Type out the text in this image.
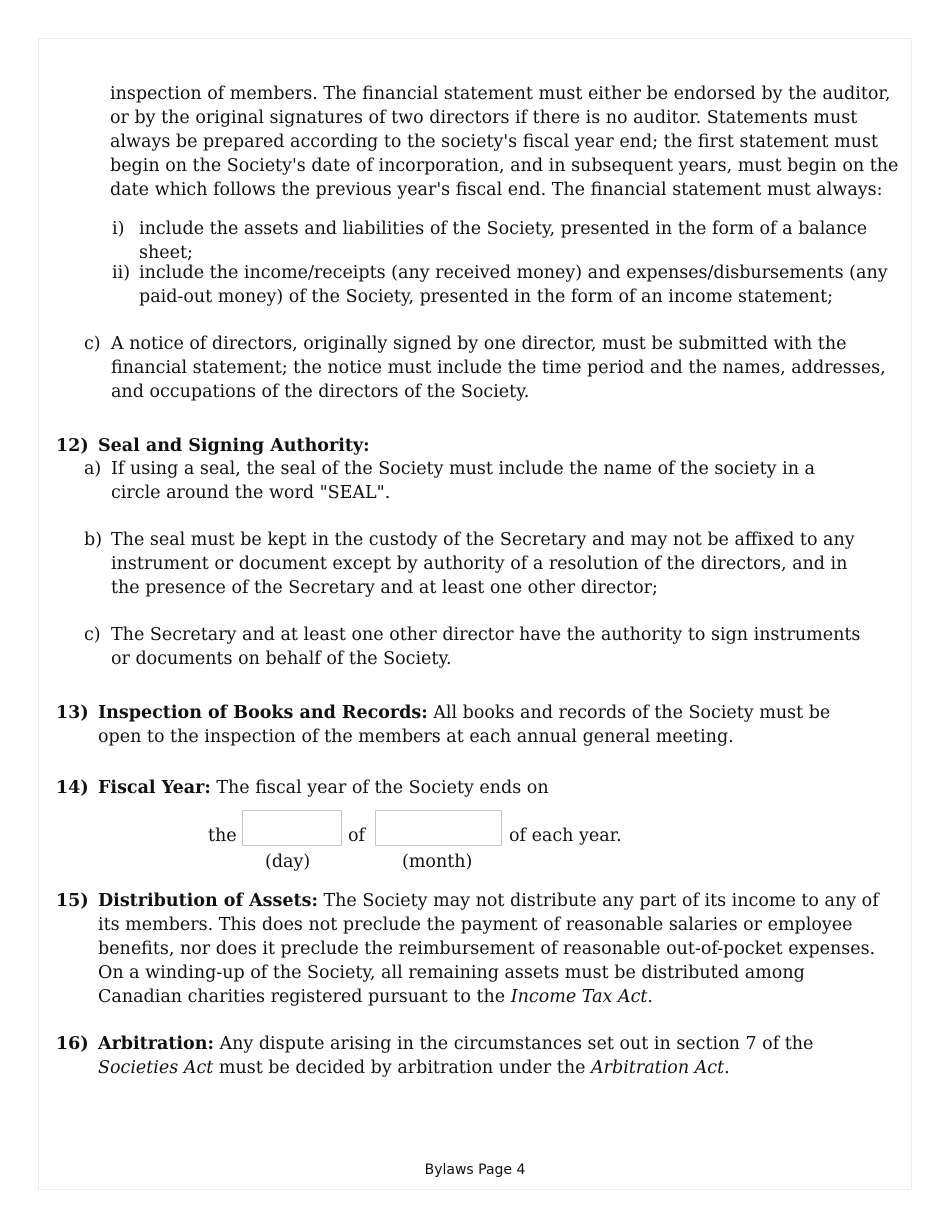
inspection of members. The financial statement must either be endorsed by the auditor, or by the original signatures of two directors if there is no auditor. Statements must always be prepared according to the society's fiscal year end; the first statement must begin on the Society's date of incorporation, and in subsequent years, must begin on the date which follows the previous year's fiscal end. The financial statement must always:
i) include the assets and liabilities of the Society, presented in the form of a balance sheet;
ii) include the income/receipts (any received money) and expenses/disbursements (any paid-out money) of the Society, presented in the form of an income statement;
c) A notice of directors, originally signed by one director, must be submitted with the financial statement; the notice must include the time period and the names, addresses, and occupations of the directors of the Society.
12) Seal and Signing Authority:
a) If using a seal, the seal of the Society must include the name of the society in a circle around the word "SEAL".
b) The seal must be kept in the custody of the Secretary and may not be affixed to any instrument or document except by authority of a resolution of the directors, and in the presence of the Secretary and at least one other director;
c) The Secretary and at least one other director have the authority to sign instruments or documents on behalf of the Society.
13) Inspection of Books and Records: All books and records of the Society must be open to the inspection of the members at each annual general meeting.
14) Fiscal Year: The fiscal year of the Society ends on
the	of	of each year.
(day)	(month)
15) Distribution of Assets: The Society may not distribute any part of its income to any of its members. This does not preclude the payment of reasonable salaries or employee benefits, nor does it preclude the reimbursement of reasonable out-of-pocket expenses. On a winding-up of the Society, all remaining assets must be distributed among Canadian charities registered pursuant to the Income Tax Act.
16) Arbitration: Any dispute arising in the circumstances set out in section 7 of the Societies Act must be decided by arbitration under the Arbitration Act.
Bylaws Page 4
